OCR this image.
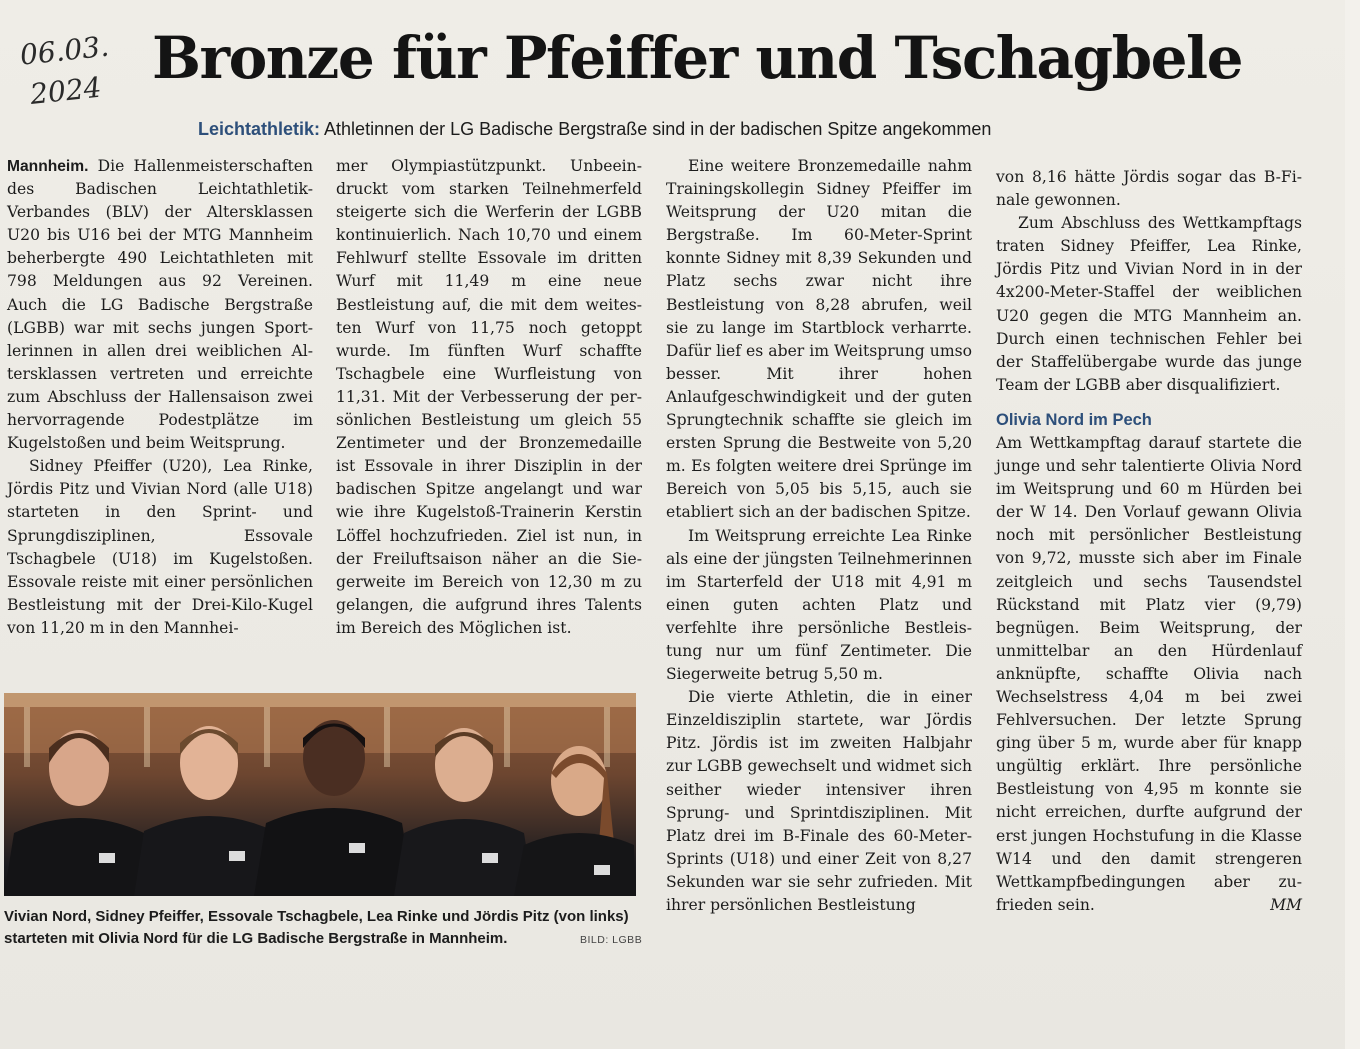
06.03.
2024 Bronze für Pfeiffer und Tschagbele
Leichtathletik: Athletinnen der LG Badische Bergstraße sind in der badischen Spitze angekommen

Mannheim. Die Hallenmeisterschaften des Badischen Leichtathletik-Verbandes (BLV) der Altersklassen U20 bis U16 bei der MTG Mannheim beherbergte 490 Leichtathleten mit 798 Meldungen aus 92 Vereinen. Auch die LG Badische Bergstraße (LGBB) war mit sechs jungen Sportlerinnen in allen drei weiblichen Altersklassen vertreten und erreichte zum Abschluss der Hallensaison zwei hervorragende Podestplätze im Kugelstoßen und beim Weitsprung.

Sidney Pfeiffer (U20), Lea Rinke, Jördis Pitz und Vivian Nord (alle U18) starteten in den Sprint- und Sprungdisziplinen, Essovale Tschagbele (U18) im Kugelstoßen. Essovale reiste mit einer persönlichen Bestleistung mit der Drei-Kilo-Kugel von 11,20 m in den Mannhei-

mer Olympiastützpunkt. Unbeeindruckt vom starken Teilnehmerfeld steigerte sich die Werferin der LGBB kontinuierlich. Nach 10,70 und einem Fehlwurf stellte Essovale im dritten Wurf mit 11,49 m eine neue Bestleistung auf, die mit dem weitesten Wurf von 11,75 noch getoppt wurde. Im fünften Wurf schaffte Tschagbele eine Wurfleistung von 11,31. Mit der Verbesserung der persönlichen Bestleistung um gleich 55 Zentimeter und der Bronzemedaille ist Essovale in ihrer Disziplin in der badischen Spitze angelangt und war wie ihre Kugelstoß-Trainerin Kerstin Löffel hochzufrieden. Ziel ist nun, in der Freiluftsaison näher an die Siegerweite im Bereich von 12,30 m zu gelangen, die aufgrund ihres Talents im Bereich des Möglichen ist.

Eine weitere Bronzemedaille nahm Trainingskollegin Sidney Pfeiffer im Weitsprung der U20 mitan die Bergstraße. Im 60-Meter-Sprint konnte Sidney mit 8,39 Sekunden und Platz sechs zwar nicht ihre Bestleistung von 8,28 abrufen, weil sie zu lange im Startblock verharrte. Dafür lief es aber im Weitsprung umso besser. Mit ihrer hohen Anlaufgeschwindigkeit und der guten Sprungtechnik schaffte sie gleich im ersten Sprung die Bestweite von 5,20 m. Es folgten weitere drei Sprünge im Bereich von 5,05 bis 5,15, auch sie etabliert sich an der badischen Spitze.

Im Weitsprung erreichte Lea Rinke als eine der jüngsten Teilnehmerinnen im Starterfeld der U18 mit 4,91 m einen guten achten Platz und verfehlte ihre persönliche Bestleistung nur um fünf Zentimeter. Die Siegerweite betrug 5,50 m.

Die vierte Athletin, die in einer Einzeldisziplin startete, war Jördis Pitz. Jördis ist im zweiten Halbjahr zur LGBB gewechselt und widmet sich seither wieder intensiver ihren Sprung- und Sprintdisziplinen. Mit Platz drei im B-Finale des 60-Meter-Sprints (U18) und einer Zeit von 8,27 Sekunden war sie sehr zufrieden. Mit ihrer persönlichen Bestleistung

von 8,16 hätte Jördis sogar das B-Finale gewonnen.

Zum Abschluss des Wettkampftags traten Sidney Pfeiffer, Lea Rinke, Jördis Pitz und Vivian Nord in in der 4x200-Meter-Staffel der weiblichen U20 gegen die MTG Mannheim an. Durch einen technischen Fehler bei der Staffelübergabe wurde das junge Team der LGBB aber disqualifiziert.

Olivia Nord im Pech

Am Wettkampftag darauf startete die junge und sehr talentierte Olivia Nord im Weitsprung und 60 m Hürden bei der W 14. Den Vorlauf gewann Olivia noch mit persönlicher Bestleistung von 9,72, musste sich aber im Finale zeitgleich und sechs Tausendstel Rückstand mit Platz vier (9,79) begnügen. Beim Weitsprung, der unmittelbar an den Hürdenlauf anknüpfte, schaffte Olivia nach Wechselstress 4,04 m bei zwei Fehlversuchen. Der letzte Sprung ging über 5 m, wurde aber für knapp ungültig erklärt. Ihre persönliche Bestleistung von 4,95 m konnte sie nicht erreichen, durfte aufgrund der erst jungen Hochstufung in die Klasse W14 und den damit strengeren Wettkampfbedingungen aber zufrieden sein.	MM
Vivian Nord, Sidney Pfeiffer, Essovale Tschagbele, Lea Rinke und Jördis Pitz (von links)
starteten mit Olivia Nord für die LG Badische Bergstraße in Mannheim.	BILD: LGBB
